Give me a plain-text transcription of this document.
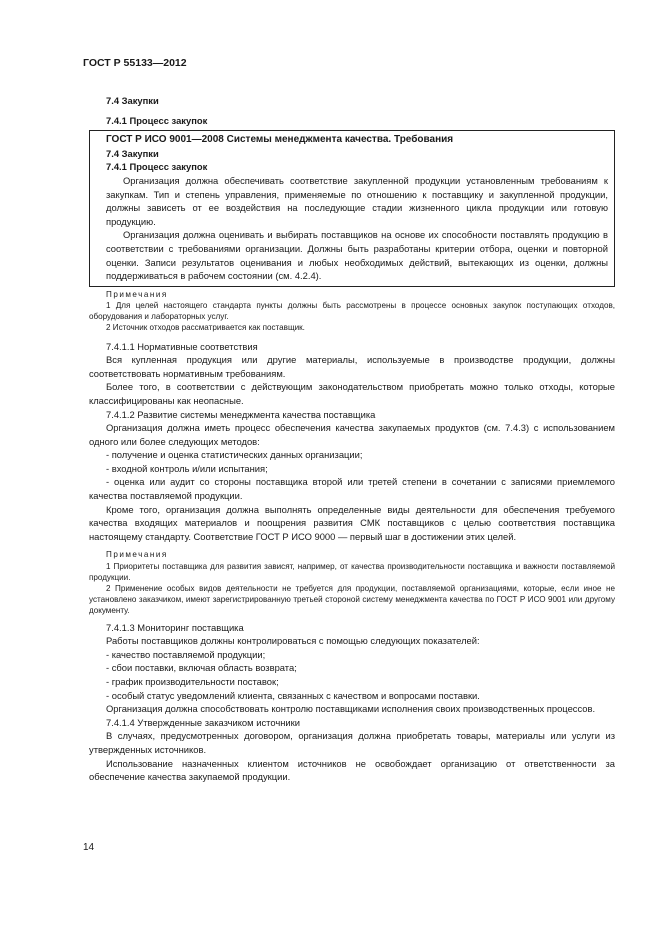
ГОСТ Р 55133—2012

7.4 Закупки

7.4.1 Процесс закупок

ГОСТ Р ИСО 9001—2008 Системы менеджмента качества. Требования

7.4 Закупки

7.4.1 Процесс закупок

Организация должна обеспечивать соответствие закупленной продукции установленным требованиям к закупкам. Тип и степень управления, применяемые по отношению к поставщику и закупленной продукции, должны зависеть от ее воздействия на последующие стадии жизненного цикла продукции или готовую продукцию.

Организация должна оценивать и выбирать поставщиков на основе их способности поставлять продукцию в соответствии с требованиями организации. Должны быть разработаны критерии отбора, оценки и повторной оценки. Записи результатов оценивания и любых необходимых действий, вытекающих из оценки, должны поддерживаться в рабочем состоянии (см. 4.2.4).

Примечания

1 Для целей настоящего стандарта пункты должны быть рассмотрены в процессе основных закупок поступающих отходов, оборудования и лабораторных услуг.

2 Источник отходов рассматривается как поставщик.

7.4.1.1 Нормативные соответствия

Вся купленная продукция или другие материалы, используемые в производстве продукции, должны соответствовать нормативным требованиям.

Более того, в соответствии с действующим законодательством приобретать можно только отходы, которые классифицированы как неопасные.

7.4.1.2 Развитие системы менеджмента качества поставщика

Организация должна иметь процесс обеспечения качества закупаемых продуктов (см. 7.4.3) с использованием одного или более следующих методов:

- получение и оценка статистических данных организации;

- входной контроль и/или испытания;

- оценка или аудит со стороны поставщика второй или третей степени в сочетании с записями приемлемого качества поставляемой продукции.

Кроме того, организация должна выполнять определенные виды деятельности для обеспечения требуемого качества входящих материалов и поощрения развития СМК поставщиков с целью соответствия поставщика настоящему стандарту. Соответствие ГОСТ Р ИСО 9000 — первый шаг в достижении этих целей.

Примечания

1 Приоритеты поставщика для развития зависят, например, от качества производительности поставщика и важности поставляемой продукции.

2 Применение особых видов деятельности не требуется для продукции, поставляемой организациями, которые, если иное не установлено заказчиком, имеют зарегистрированную третьей стороной систему менеджмента качества по ГОСТ Р ИСО 9001 или другому документу.

7.4.1.3 Мониторинг поставщика

Работы поставщиков должны контролироваться с помощью следующих показателей:

- качество поставляемой продукции;

- сбои поставки, включая область возврата;

- график производительности поставок;

- особый статус уведомлений клиента, связанных с качеством и вопросами поставки.

Организация должна способствовать контролю поставщиками исполнения своих производственных процессов.

7.4.1.4 Утвержденные заказчиком источники

В случаях, предусмотренных договором, организация должна приобретать товары, материалы или услуги из утвержденных источников.

Использование назначенных клиентом источников не освобождает организацию от ответственности за обеспечение качества закупаемой продукции.

14
